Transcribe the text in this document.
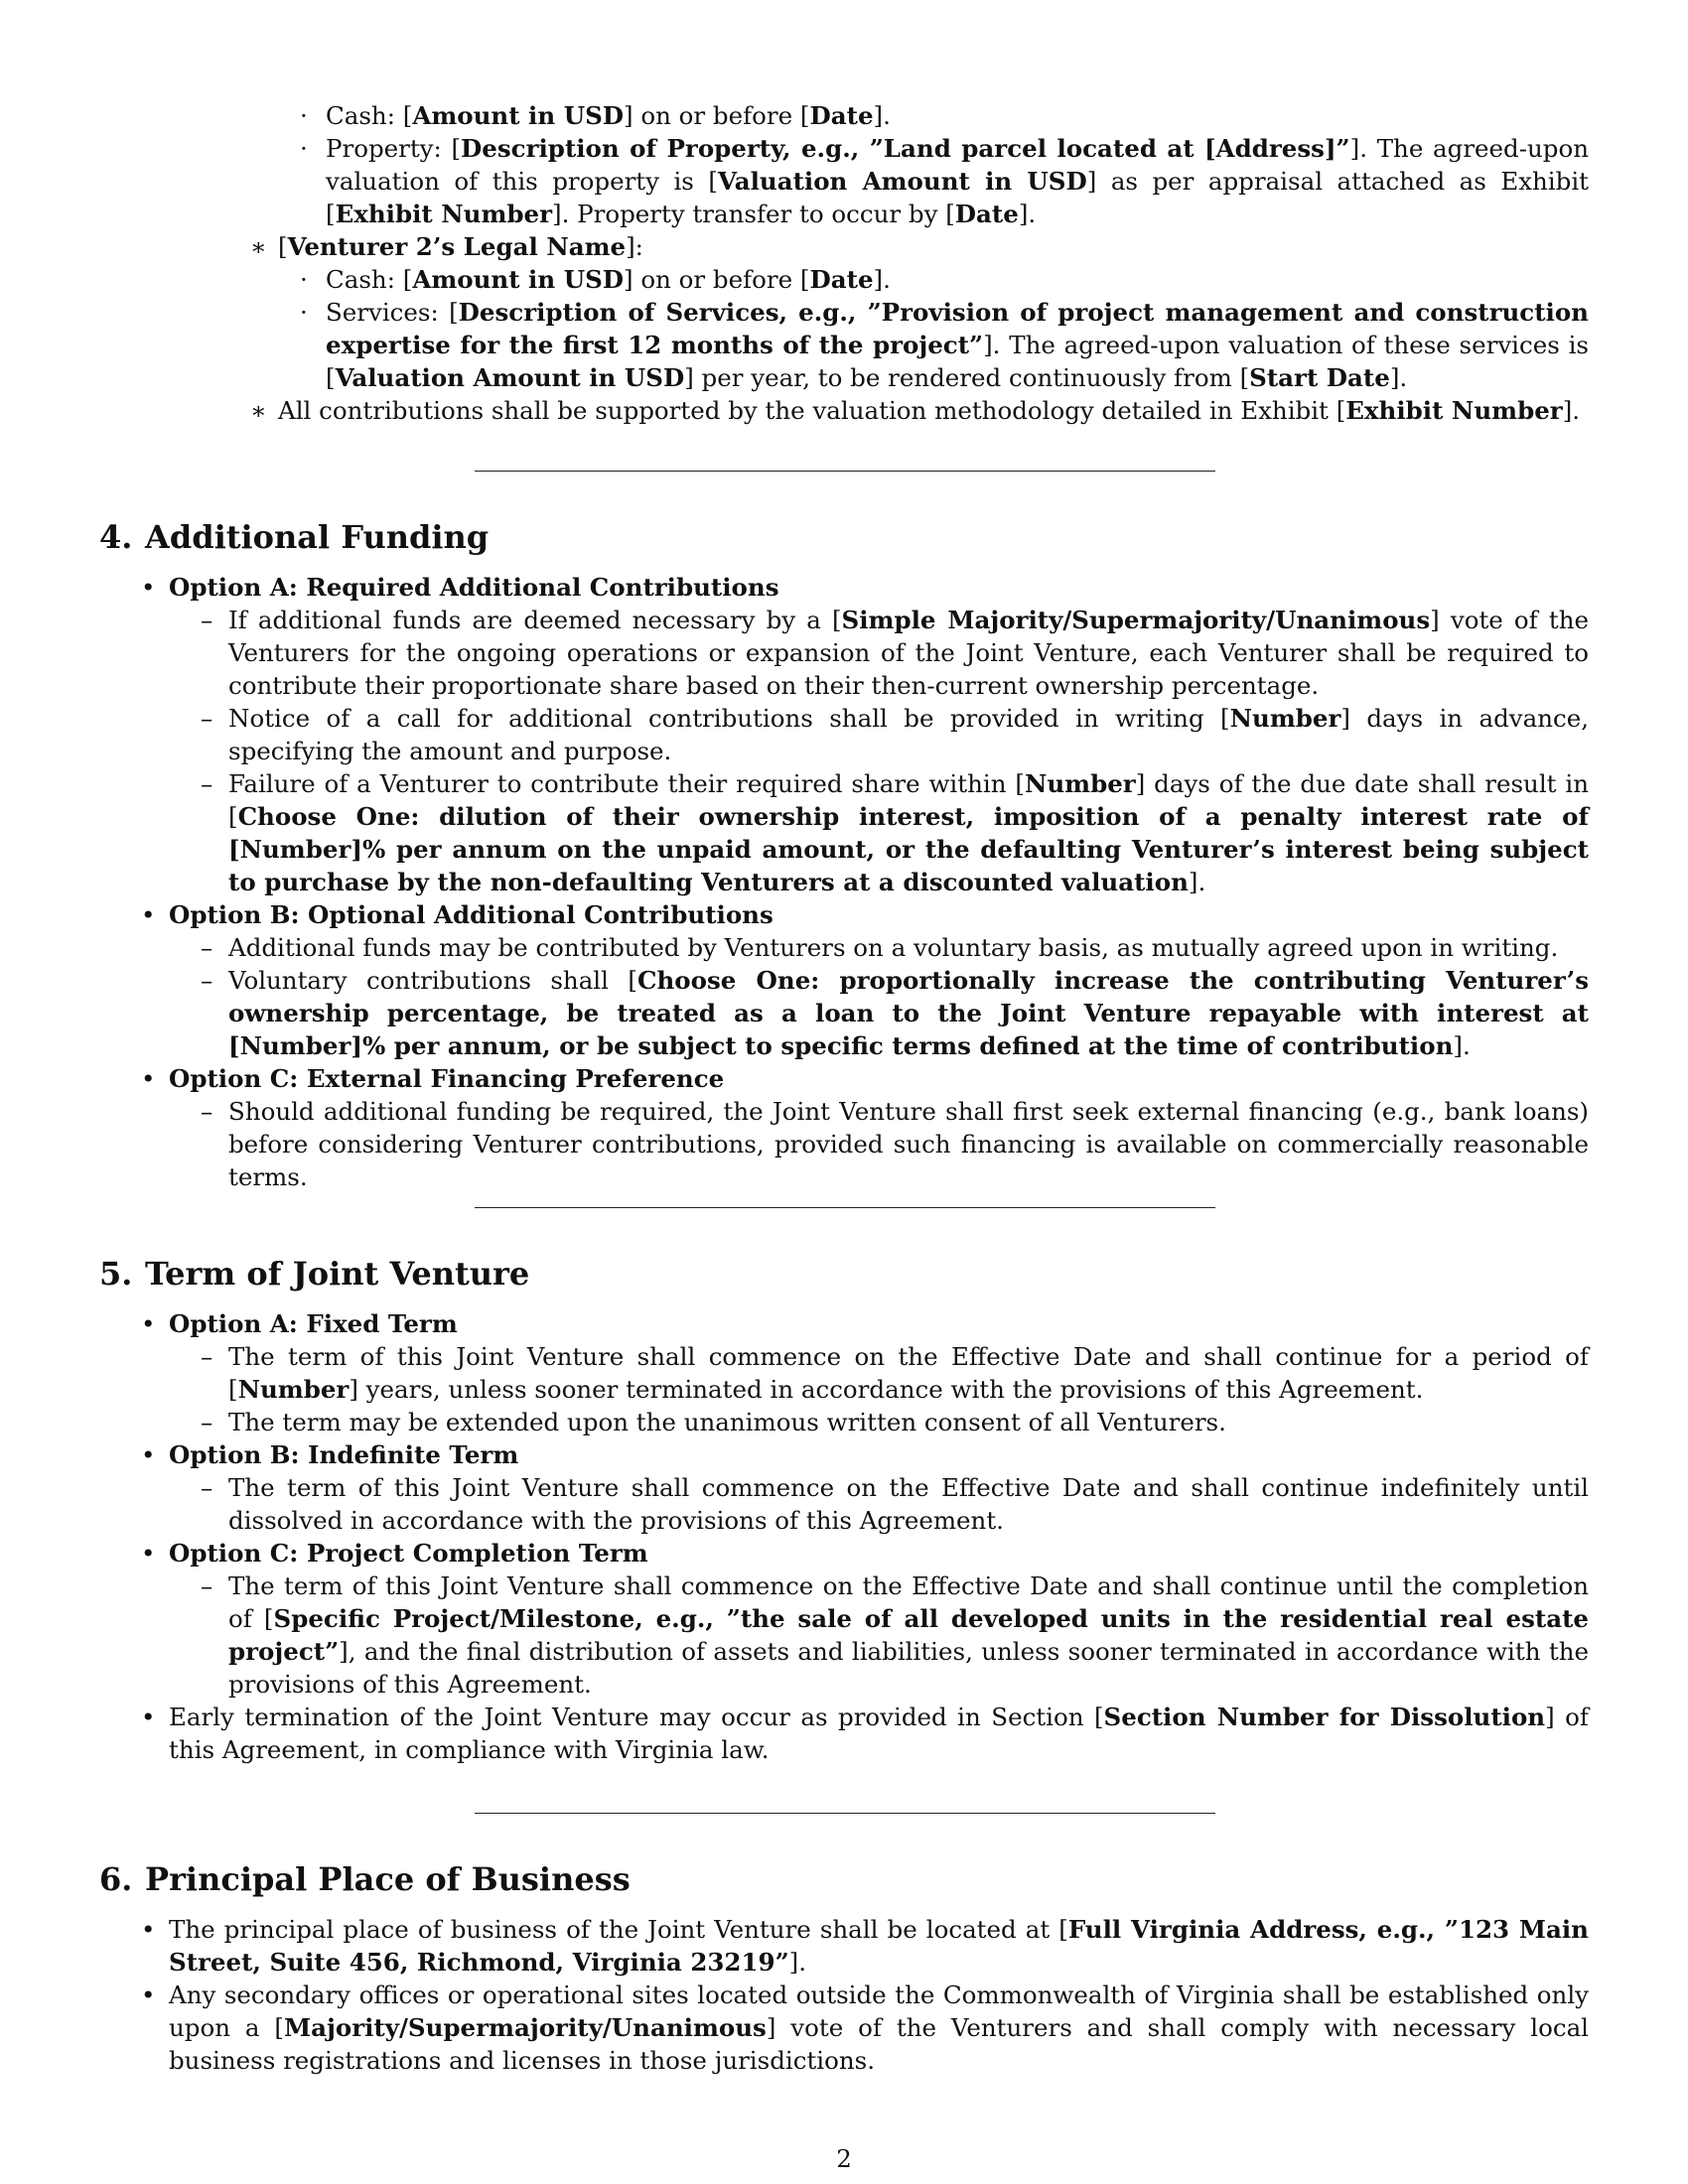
· Cash: [Amount in USD] on or before [Date].
· Property: [Description of Property, e.g., ”Land parcel located at [Address]”]. The agreed-upon valuation of this property is [Valuation Amount in USD] as per appraisal attached as Exhibit [Exhibit Number]. Property transfer to occur by [Date].
∗ [Venturer 2’s Legal Name]:
· Cash: [Amount in USD] on or before [Date].
· Services: [Description of Services, e.g., ”Provision of project management and construction expertise for the first 12 months of the project”]. The agreed-upon valuation of these services is [Valuation Amount in USD] per year, to be rendered continuously from [Start Date].
∗ All contributions shall be supported by the valuation methodology detailed in Exhibit [Exhibit Number].
4. Additional Funding
• Option A: Required Additional Contributions
– If additional funds are deemed necessary by a [Simple Majority/Supermajority/Unanimous] vote of the Venturers for the ongoing operations or expansion of the Joint Venture, each Venturer shall be required to contribute their proportionate share based on their then-current ownership percentage.
– Notice of a call for additional contributions shall be provided in writing [Number] days in advance, specifying the amount and purpose.
– Failure of a Venturer to contribute their required share within [Number] days of the due date shall result in [Choose One: dilution of their ownership interest, imposition of a penalty interest rate of [Number]% per annum on the unpaid amount, or the defaulting Venturer’s interest being subject to purchase by the non-defaulting Venturers at a discounted valuation].
• Option B: Optional Additional Contributions
– Additional funds may be contributed by Venturers on a voluntary basis, as mutually agreed upon in writing.
– Voluntary contributions shall [Choose One: proportionally increase the contributing Venturer’s ownership percentage, be treated as a loan to the Joint Venture repayable with interest at [Number]% per annum, or be subject to specific terms defined at the time of contribution].
• Option C: External Financing Preference
– Should additional funding be required, the Joint Venture shall first seek external financing (e.g., bank loans) before considering Venturer contributions, provided such financing is available on commercially reasonable terms.
5. Term of Joint Venture
• Option A: Fixed Term
– The term of this Joint Venture shall commence on the Effective Date and shall continue for a period of [Number] years, unless sooner terminated in accordance with the provisions of this Agreement.
– The term may be extended upon the unanimous written consent of all Venturers.
• Option B: Indefinite Term
– The term of this Joint Venture shall commence on the Effective Date and shall continue indefinitely until dissolved in accordance with the provisions of this Agreement.
• Option C: Project Completion Term
– The term of this Joint Venture shall commence on the Effective Date and shall continue until the completion of [Specific Project/Milestone, e.g., ”the sale of all developed units in the residential real estate project”], and the final distribution of assets and liabilities, unless sooner terminated in accordance with the provisions of this Agreement.
• Early termination of the Joint Venture may occur as provided in Section [Section Number for Dissolution] of this Agreement, in compliance with Virginia law.
6. Principal Place of Business
• The principal place of business of the Joint Venture shall be located at [Full Virginia Address, e.g., ”123 Main Street, Suite 456, Richmond, Virginia 23219”].
• Any secondary offices or operational sites located outside the Commonwealth of Virginia shall be established only upon a [Majority/Supermajority/Unanimous] vote of the Venturers and shall comply with necessary local business registrations and licenses in those jurisdictions.
2
